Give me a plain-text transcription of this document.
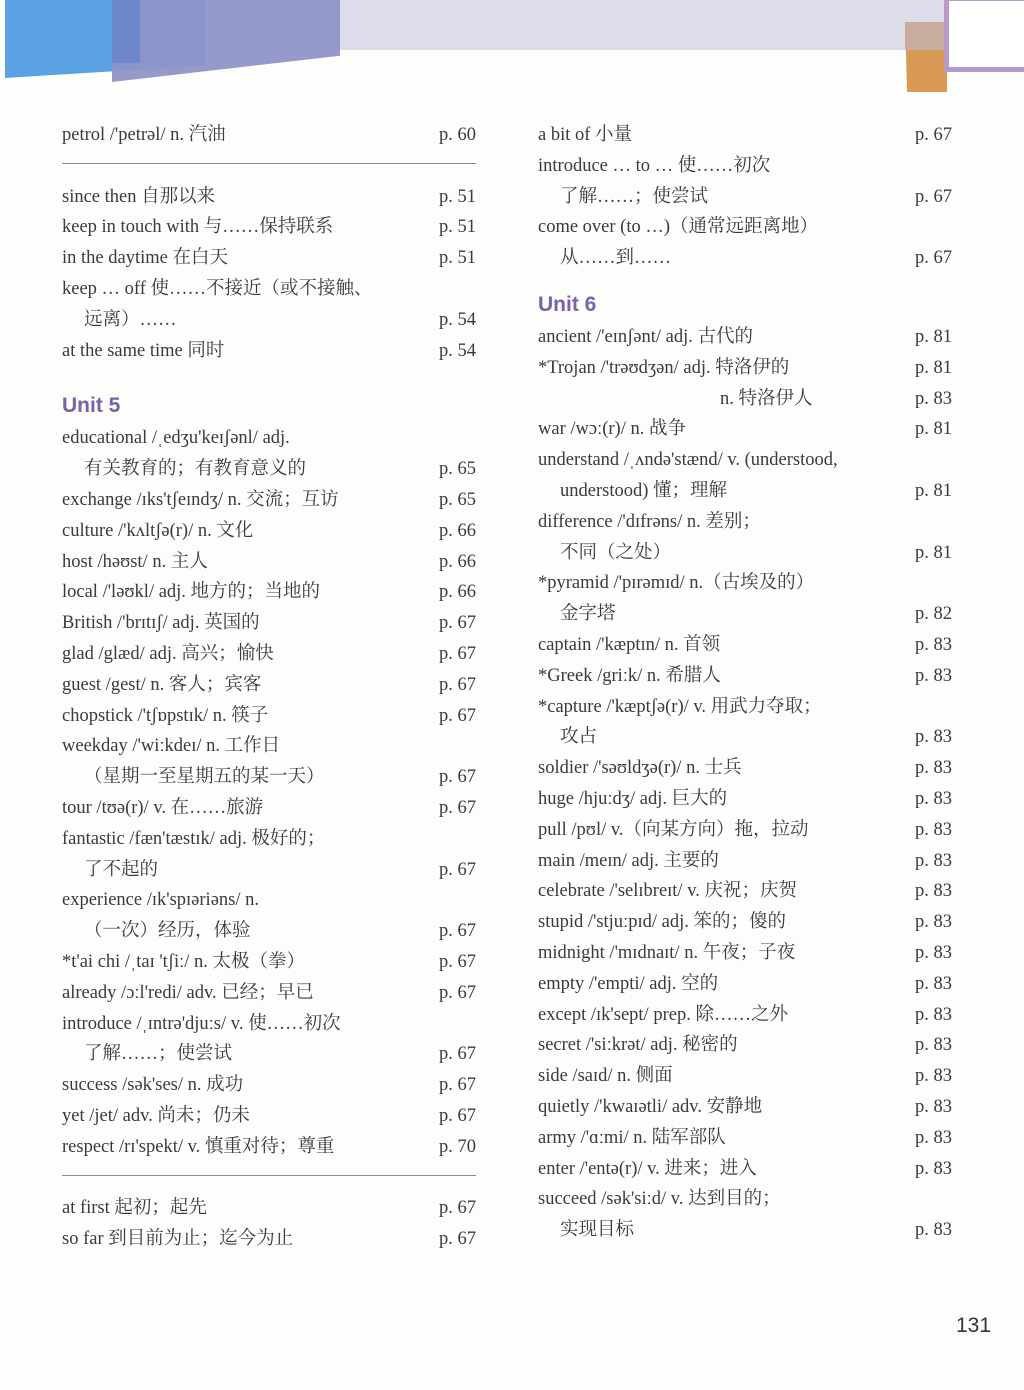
petrol /'petrəl/ n. 汽油	p. 60
since then 自那以来	p. 51
keep in touch with 与……保持联系	p. 51
in the daytime 在白天	p. 51
keep … off 使……不接近（或不接触、
远离）……	p. 54
at the same time 同时	p. 54
Unit 5
educational /ˌedʒu'keɪʃənl/ adj.
有关教育的；有教育意义的	p. 65
exchange /ɪks'tʃeɪndʒ/ n. 交流；互访	p. 65
culture /'kʌltʃə(r)/ n. 文化	p. 66
host /həʊst/ n. 主人	p. 66
local /'ləʊkl/ adj. 地方的；当地的	p. 66
British /'brɪtɪʃ/ adj. 英国的	p. 67
glad /glæd/ adj. 高兴；愉快	p. 67
guest /gest/ n. 客人；宾客	p. 67
chopstick /'tʃɒpstɪk/ n. 筷子	p. 67
weekday /'wiːkdeɪ/ n. 工作日
（星期一至星期五的某一天）	p. 67
tour /tʊə(r)/ v. 在……旅游	p. 67
fantastic /fæn'tæstɪk/ adj. 极好的；
了不起的	p. 67
experience /ɪk'spɪəriəns/ n.
（一次）经历，体验	p. 67
*t'ai chi /ˌtaɪ 'tʃiː/ n. 太极（拳）	p. 67
already /ɔːl'redi/ adv. 已经；早已	p. 67
introduce /ˌɪntrə'djuːs/ v. 使……初次
了解……；使尝试	p. 67
success /sək'ses/ n. 成功	p. 67
yet /jet/ adv. 尚未；仍未	p. 67
respect /rɪ'spekt/ v. 慎重对待；尊重	p. 70
at first 起初；起先	p. 67
so far 到目前为止；迄今为止	p. 67
a bit of 小量	p. 67
introduce … to … 使……初次
了解……；使尝试	p. 67
come over (to …)（通常远距离地）
从……到……	p. 67
Unit 6
ancient /'eɪnʃənt/ adj. 古代的	p. 81
*Trojan /'trəʊdʒən/ adj. 特洛伊的	p. 81
n. 特洛伊人	p. 83
war /wɔː(r)/ n. 战争	p. 81
understand /ˌʌndə'stænd/ v. (understood,
understood) 懂；理解	p. 81
difference /'dɪfrəns/ n. 差别；
不同（之处）	p. 81
*pyramid /'pɪrəmɪd/ n.（古埃及的）
金字塔	p. 82
captain /'kæptɪn/ n. 首领	p. 83
*Greek /griːk/ n. 希腊人	p. 83
*capture /'kæptʃə(r)/ v. 用武力夺取；
攻占	p. 83
soldier /'səʊldʒə(r)/ n. 士兵	p. 83
huge /hjuːdʒ/ adj. 巨大的	p. 83
pull /pʊl/ v.（向某方向）拖，拉动	p. 83
main /meɪn/ adj. 主要的	p. 83
celebrate /'selɪbreɪt/ v. 庆祝；庆贺	p. 83
stupid /'stjuːpɪd/ adj. 笨的；傻的	p. 83
midnight /'mɪdnaɪt/ n. 午夜；子夜	p. 83
empty /'empti/ adj. 空的	p. 83
except /ɪk'sept/ prep. 除……之外	p. 83
secret /'siːkrət/ adj. 秘密的	p. 83
side /saɪd/ n. 侧面	p. 83
quietly /'kwaɪətli/ adv. 安静地	p. 83
army /'ɑːmi/ n. 陆军部队	p. 83
enter /'entə(r)/ v. 进来；进入	p. 83
succeed /sək'siːd/ v. 达到目的；
实现目标	p. 83
131
